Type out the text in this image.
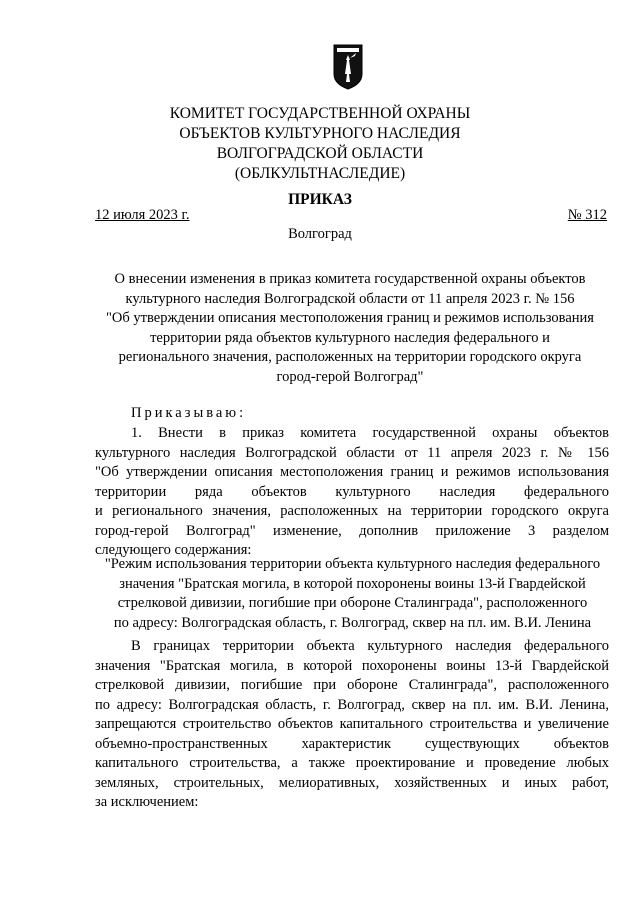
КОМИТЕТ ГОСУДАРСТВЕННОЙ ОХРАНЫ
ОБЪЕКТОВ КУЛЬТУРНОГО НАСЛЕДИЯ
ВОЛГОГРАДСКОЙ ОБЛАСТИ
(ОБЛКУЛЬТНАСЛЕДИЕ)
ПРИКАЗ
12 июля 2023 г.	№ 312
Волгоград
О внесении изменения в приказ комитета государственной охраны объектов
культурного наследия Волгоградской области от 11 апреля 2023 г. № 156
"Об утверждении описания местоположения границ и режимов использования
территории ряда объектов культурного наследия федерального и
регионального значения, расположенных на территории городского округа
город-герой Волгоград"
Приказываю:
1. Внести в приказ комитета государственной охраны объектов
культурного наследия Волгоградской области от 11 апреля 2023 г. № 156
"Об утверждении описания местоположения границ и режимов использования
территории ряда объектов культурного наследия федерального
и регионального значения, расположенных на территории городского округа
город-герой Волгоград" изменение, дополнив приложение 3 разделом
следующего содержания:
"Режим использования территории объекта культурного наследия федерального
значения "Братская могила, в которой похоронены воины 13-й Гвардейской
стрелковой дивизии, погибшие при обороне Сталинграда", расположенного
по адресу: Волгоградская область, г. Волгоград, сквер на пл. им. В.И. Ленина
В границах территории объекта культурного наследия федерального
значения "Братская могила, в которой похоронены воины 13-й Гвардейской
стрелковой дивизии, погибшие при обороне Сталинграда", расположенного
по адресу: Волгоградская область, г. Волгоград, сквер на пл. им. В.И. Ленина,
запрещаются строительство объектов капитального строительства и увеличение
объемно-пространственных характеристик существующих объектов
капитального строительства, а также проектирование и проведение любых
земляных, строительных, мелиоративных, хозяйственных и иных работ,
за исключением:
